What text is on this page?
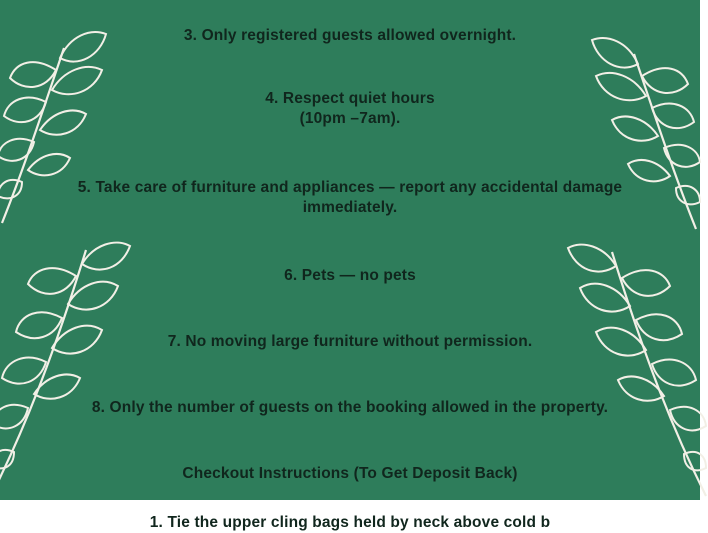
3. Only registered guests allowed overnight.

4. Respect quiet hours
(10pm –7am).

5. Take care of furniture and appliances — report any accidental damage immediately.

6. Pets — no pets

7. No moving large furniture without permission.

8. Only the number of guests on the booking allowed in the property.

Checkout Instructions (To Get Deposit Back)

1. Tie the upper cling bags held by neck above cold b
